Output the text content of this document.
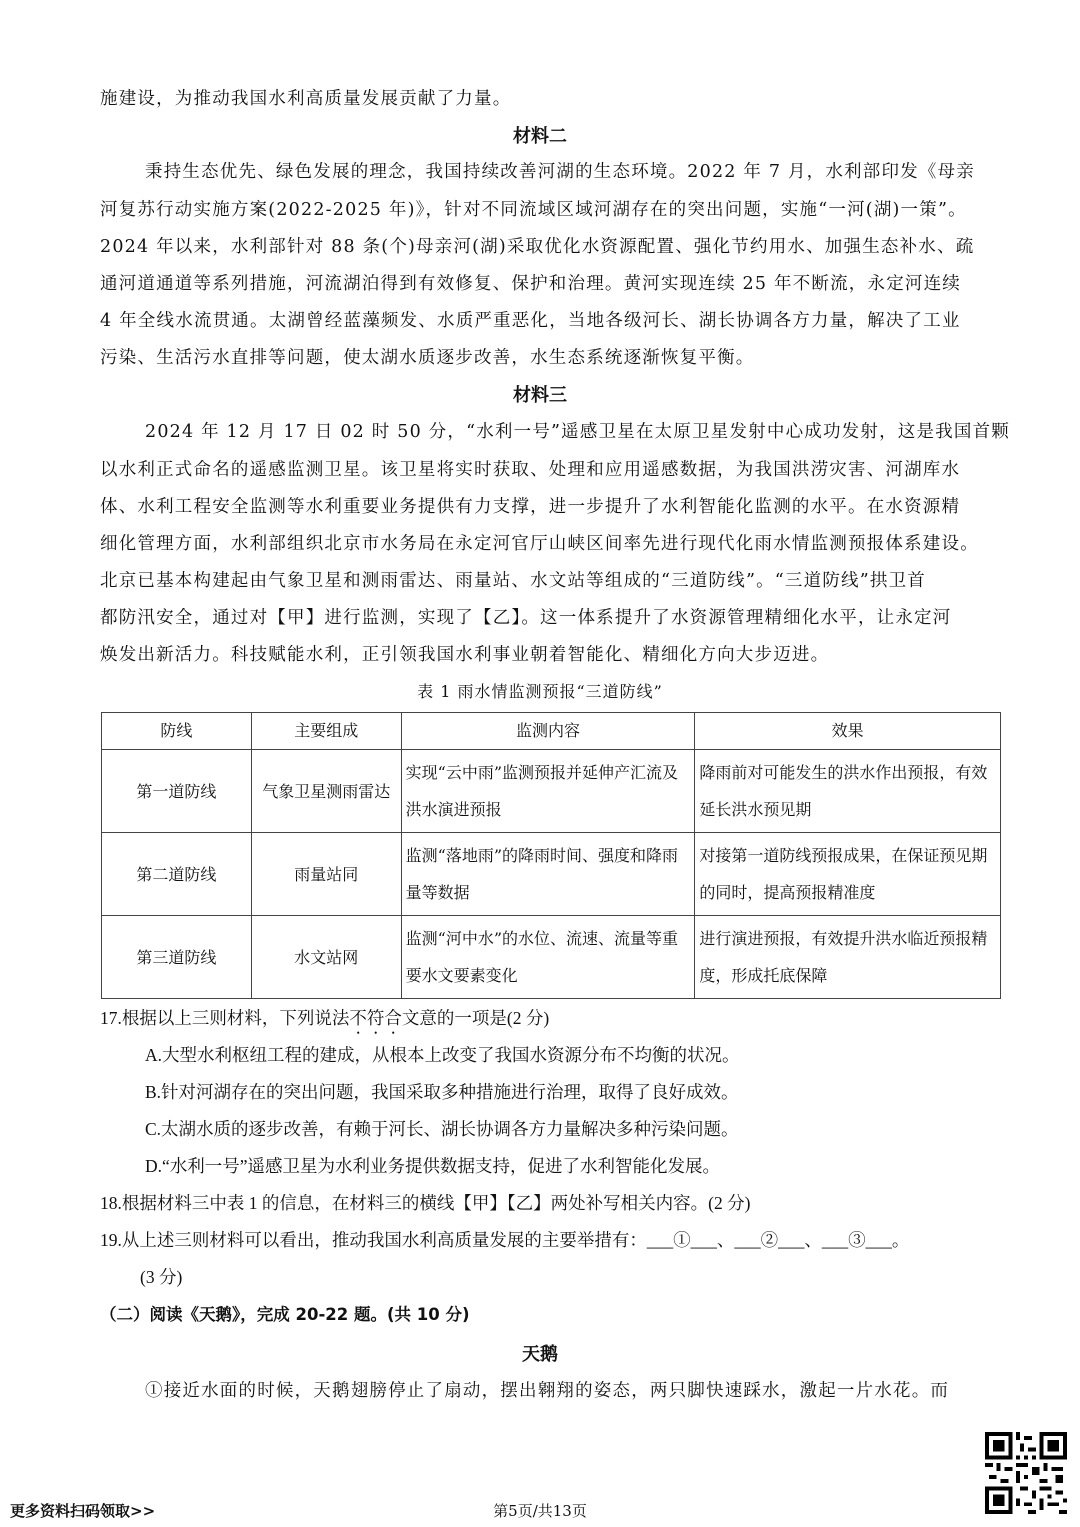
施建设，为推动我国水利高质量发展贡献了力量。
材料二
秉持生态优先、绿色发展的理念，我国持续改善河湖的生态环境。2022 年 7 月，水利部印发《母亲
河复苏行动实施方案(2022-2025 年)》，针对不同流域区域河湖存在的突出问题，实施“一河(湖)一策”。
2024 年以来，水利部针对 88 条(个)母亲河(湖)采取优化水资源配置、强化节约用水、加强生态补水、疏
通河道通道等系列措施，河流湖泊得到有效修复、保护和治理。黄河实现连续 25 年不断流，永定河连续
4 年全线水流贯通。太湖曾经蓝藻频发、水质严重恶化，当地各级河长、湖长协调各方力量，解决了工业
污染、生活污水直排等问题，使太湖水质逐步改善，水生态系统逐渐恢复平衡。
材料三
2024 年 12 月 17 日 02 时 50 分，“水利一号”遥感卫星在太原卫星发射中心成功发射，这是我国首颗
以水利正式命名的遥感监测卫星。该卫星将实时获取、处理和应用遥感数据，为我国洪涝灾害、河湖库水
体、水利工程安全监测等水利重要业务提供有力支撑，进一步提升了水利智能化监测的水平。在水资源精
细化管理方面，水利部组织北京市水务局在永定河官厅山峡区间率先进行现代化雨水情监测预报体系建设。
北京已基本构建起由气象卫星和测雨雷达、雨量站、水文站等组成的“三道防线”。“三道防线”拱卫首
都防汛安全，通过对【甲】进行监测，实现了【乙】。这一体系提升了水资源管理精细化水平，让永定河
焕发出新活力。科技赋能水利，正引领我国水利事业朝着智能化、精细化方向大步迈进。
表 1 雨水情监测预报“三道防线”
防线	主要组成	监测内容	效果
第一道防线	气象卫星测雨雷达	实现“云中雨”监测预报并延伸产汇流及洪水演进预报	降雨前对可能发生的洪水作出预报，有效延长洪水预见期
第二道防线	雨量站同	监测“落地雨”的降雨时间、强度和降雨量等数据	对接第一道防线预报成果，在保证预见期的同时，提高预报精准度
第三道防线	水文站网	监测“河中水”的水位、流速、流量等重要水文要素变化	进行演进预报，有效提升洪水临近预报精度，形成托底保障
17.根据以上三则材料，下列说法不符合文意的一项是(2 分)
A.大型水利枢纽工程的建成，从根本上改变了我国水资源分布不均衡的状况。
B.针对河湖存在的突出问题，我国采取多种措施进行治理，取得了良好成效。
C.太湖水质的逐步改善，有赖于河长、湖长协调各方力量解决多种污染问题。
D.“水利一号”遥感卫星为水利业务提供数据支持，促进了水利智能化发展。
18.根据材料三中表 1 的信息，在材料三的横线【甲】【乙】两处补写相关内容。(2 分)
19.从上述三则材料可以看出，推动我国水利高质量发展的主要举措有：___①___、___②___、___③___。
(3 分)
（二）阅读《天鹅》，完成 20-22 题。(共 10 分)
天鹅
①接近水面的时候，天鹅翅膀停止了扇动，摆出翱翔的姿态，两只脚快速踩水，激起一片水花。而
第5页/共13页
更多资料扫码领取>>
